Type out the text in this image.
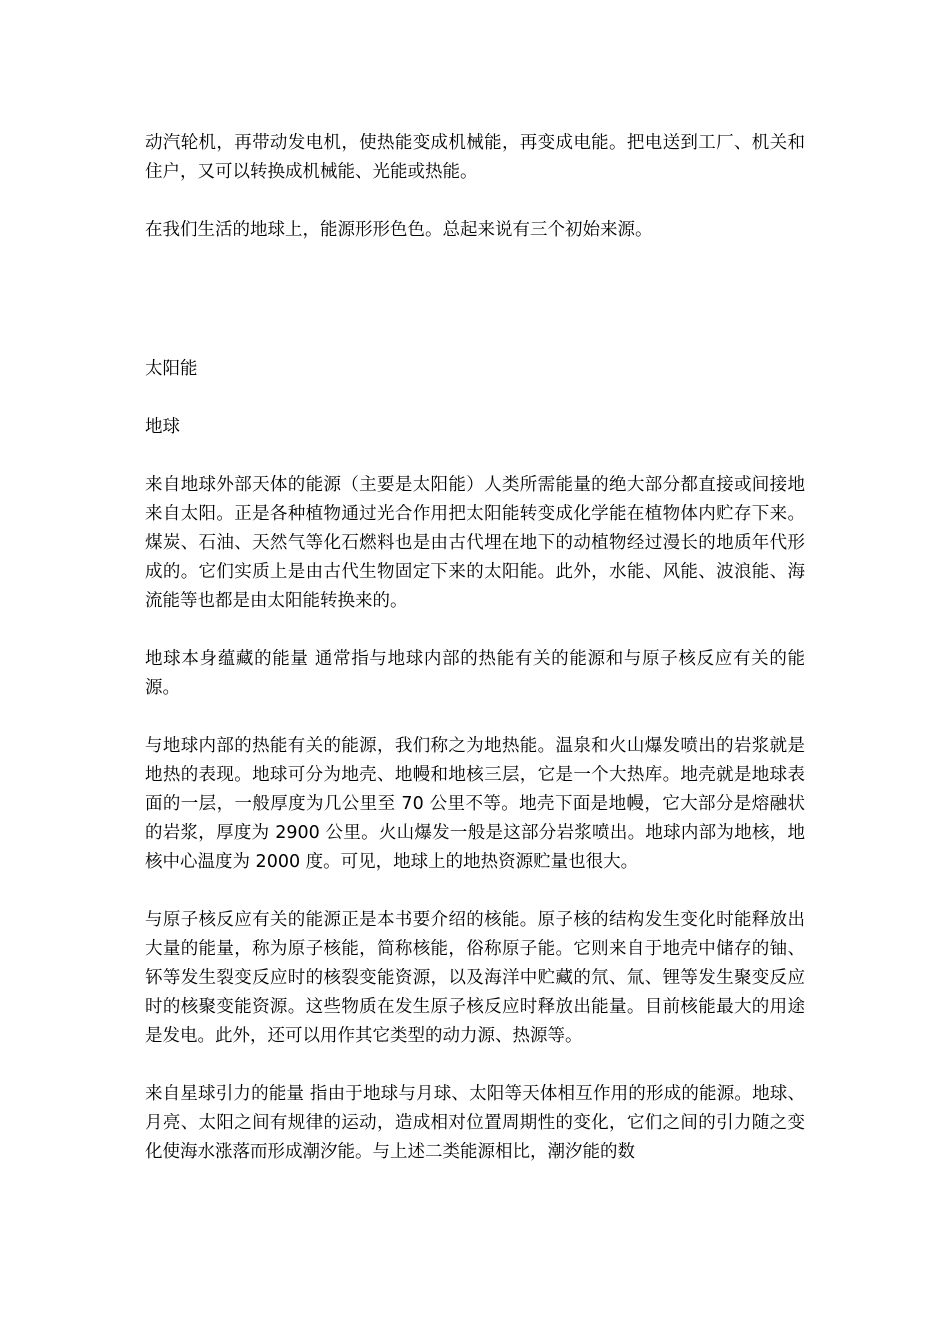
动汽轮机，再带动发电机，使热能变成机械能，再变成电能。把电送到工厂、机关和住户，又可以转换成机械能、光能或热能。

在我们生活的地球上，能源形形色色。总起来说有三个初始来源。

太阳能

地球

来自地球外部天体的能源（主要是太阳能）人类所需能量的绝大部分都直接或间接地来自太阳。正是各种植物通过光合作用把太阳能转变成化学能在植物体内贮存下来。煤炭、石油、天然气等化石燃料也是由古代埋在地下的动植物经过漫长的地质年代形成的。它们实质上是由古代生物固定下来的太阳能。此外，水能、风能、波浪能、海流能等也都是由太阳能转换来的。

地球本身蕴藏的能量 通常指与地球内部的热能有关的能源和与原子核反应有关的能源。

与地球内部的热能有关的能源，我们称之为地热能。温泉和火山爆发喷出的岩浆就是地热的表现。地球可分为地壳、地幔和地核三层，它是一个大热库。地壳就是地球表面的一层，一般厚度为几公里至 70 公里不等。地壳下面是地幔，它大部分是熔融状的岩浆，厚度为 2900 公里。火山爆发一般是这部分岩浆喷出。地球内部为地核，地核中心温度为 2000 度。可见，地球上的地热资源贮量也很大。

与原子核反应有关的能源正是本书要介绍的核能。原子核的结构发生变化时能释放出大量的能量，称为原子核能，简称核能，俗称原子能。它则来自于地壳中储存的铀、钚等发生裂变反应时的核裂变能资源，以及海洋中贮藏的氘、氚、锂等发生聚变反应时的核聚变能资源。这些物质在发生原子核反应时释放出能量。目前核能最大的用途是发电。此外，还可以用作其它类型的动力源、热源等。

来自星球引力的能量 指由于地球与月球、太阳等天体相互作用的形成的能源。地球、月亮、太阳之间有规律的运动，造成相对位置周期性的变化，它们之间的引力随之变化使海水涨落而形成潮汐能。与上述二类能源相比，潮汐能的数
